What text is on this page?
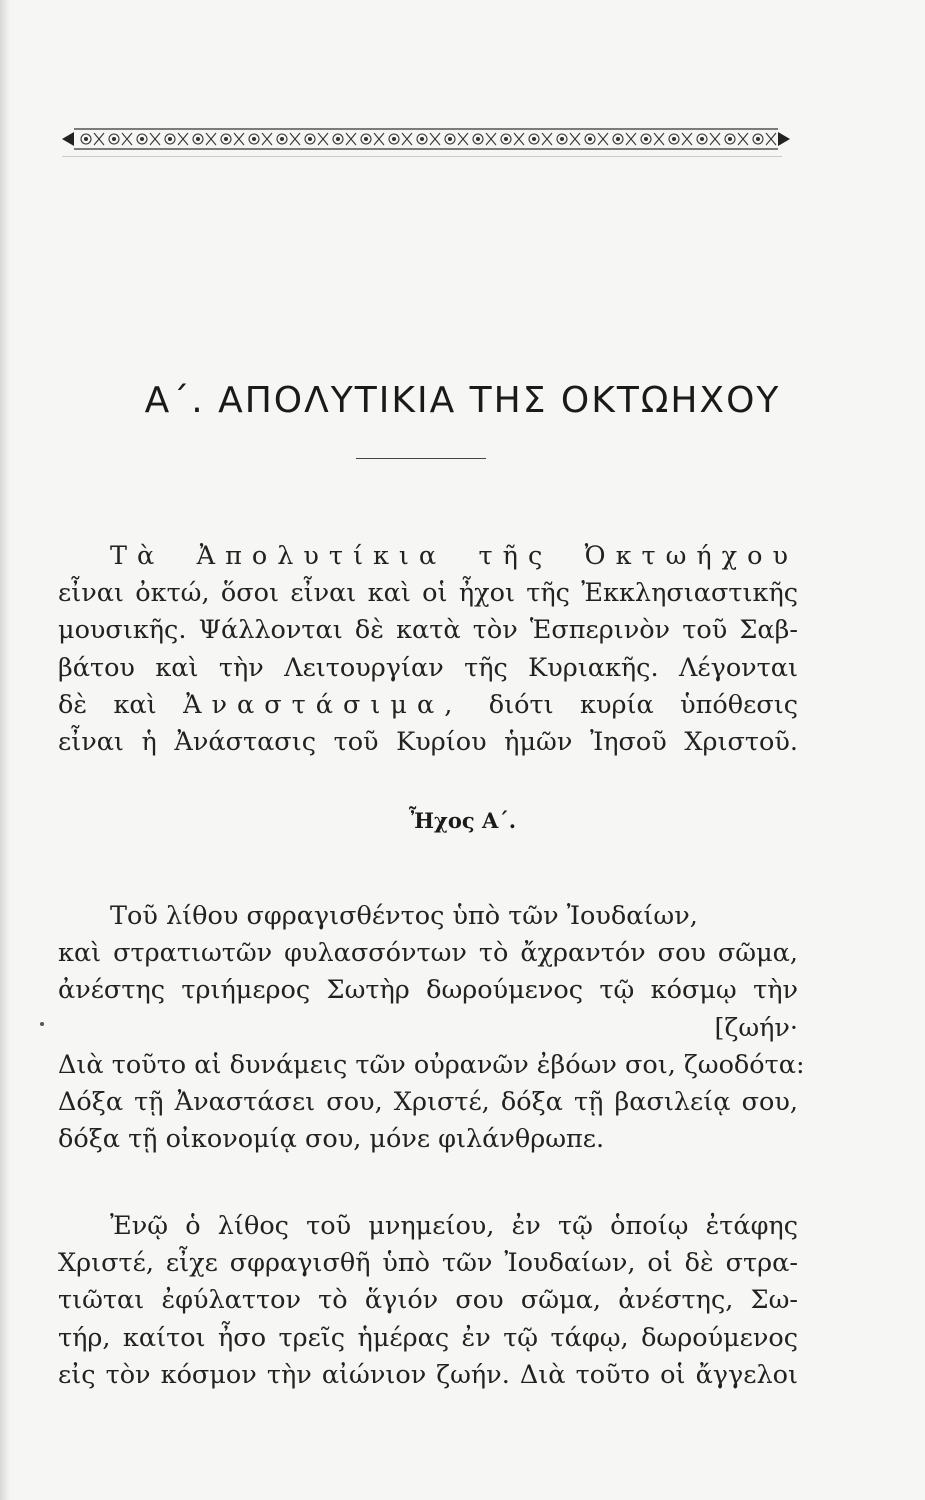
Α΄. ΑΠΟΛΥΤΙΚΙΑ ΤΗΣ ΟΚΤΩΗΧΟΥ
Τὰ Ἀπολυτίκια τῆς Ὀκτωήχου
εἶναι ὀκτώ, ὅσοι εἶναι καὶ οἱ ἦχοι τῆς Ἐκκλησιαστικῆς
μουσικῆς. Ψάλλονται δὲ κατὰ τὸν Ἑσπερινὸν τοῦ Σαβ-
βάτου καὶ τὴν Λειτουργίαν τῆς Κυριακῆς. Λέγονται
δὲ καὶ Ἀναστάσιμα, διότι κυρία ὑπόθεσις
εἶναι ἡ Ἀνάστασις τοῦ Κυρίου ἡμῶν Ἰησοῦ Χριστοῦ.
Ἦχος Α΄.
Τοῦ λίθου σφραγισθέντος ὑπὸ τῶν Ἰουδαίων,
καὶ στρατιωτῶν φυλασσόντων τὸ ἄχραντόν σου σῶμα,
ἀνέστης τριήμερος Σωτὴρ δωρούμενος τῷ κόσμῳ τὴν
[ζωήν·
Διὰ τοῦτο αἱ δυνάμεις τῶν οὐρανῶν ἐβόων σοι, ζωοδότα:
Δόξα τῇ Ἀναστάσει σου, Χριστέ, δόξα τῇ βασιλείᾳ σου,
δόξα τῇ οἰκονομίᾳ σου, μόνε φιλάνθρωπε.
Ἐνῷ ὁ λίθος τοῦ μνημείου, ἐν τῷ ὁποίῳ ἐτάφης
Χριστέ, εἶχε σφραγισθῆ ὑπὸ τῶν Ἰουδαίων, οἱ δὲ στρα-
τιῶται ἐφύλαττον τὸ ἅγιόν σου σῶμα, ἀνέστης, Σω-
τήρ, καίτοι ἦσο τρεῖς ἡμέρας ἐν τῷ τάφῳ, δωρούμενος
εἰς τὸν κόσμον τὴν αἰώνιον ζωήν. Διὰ τοῦτο οἱ ἄγγελοι
